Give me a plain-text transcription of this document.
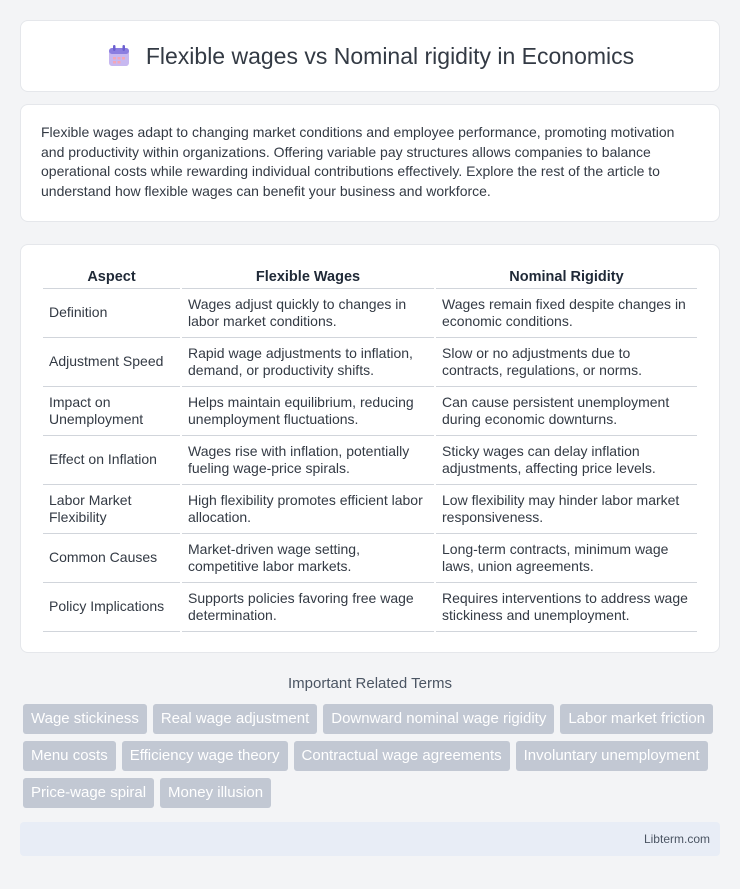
Flexible wages vs Nominal rigidity in Economics

Flexible wages adapt to changing market conditions and employee performance, promoting motivation and productivity within organizations. Offering variable pay structures allows companies to balance operational costs while rewarding individual contributions effectively. Explore the rest of the article to understand how flexible wages can benefit your business and workforce.

Aspect	Flexible Wages	Nominal Rigidity
Definition	Wages adjust quickly to changes in labor market conditions.	Wages remain fixed despite changes in economic conditions.
Adjustment Speed	Rapid wage adjustments to inflation, demand, or productivity shifts.	Slow or no adjustments due to contracts, regulations, or norms.
Impact on Unemployment	Helps maintain equilibrium, reducing unemployment fluctuations.	Can cause persistent unemployment during economic downturns.
Effect on Inflation	Wages rise with inflation, potentially fueling wage-price spirals.	Sticky wages can delay inflation adjustments, affecting price levels.
Labor Market Flexibility	High flexibility promotes efficient labor allocation.	Low flexibility may hinder labor market responsiveness.
Common Causes	Market-driven wage setting, competitive labor markets.	Long-term contracts, minimum wage laws, union agreements.
Policy Implications	Supports policies favoring free wage determination.	Requires interventions to address wage stickiness and unemployment.
Important Related Terms
Wage stickiness	Real wage adjustment	Downward nominal wage rigidity	Labor market friction
Menu costs	Efficiency wage theory	Contractual wage agreements	Involuntary unemployment
Price-wage spiral	Money illusion
Libterm.com
